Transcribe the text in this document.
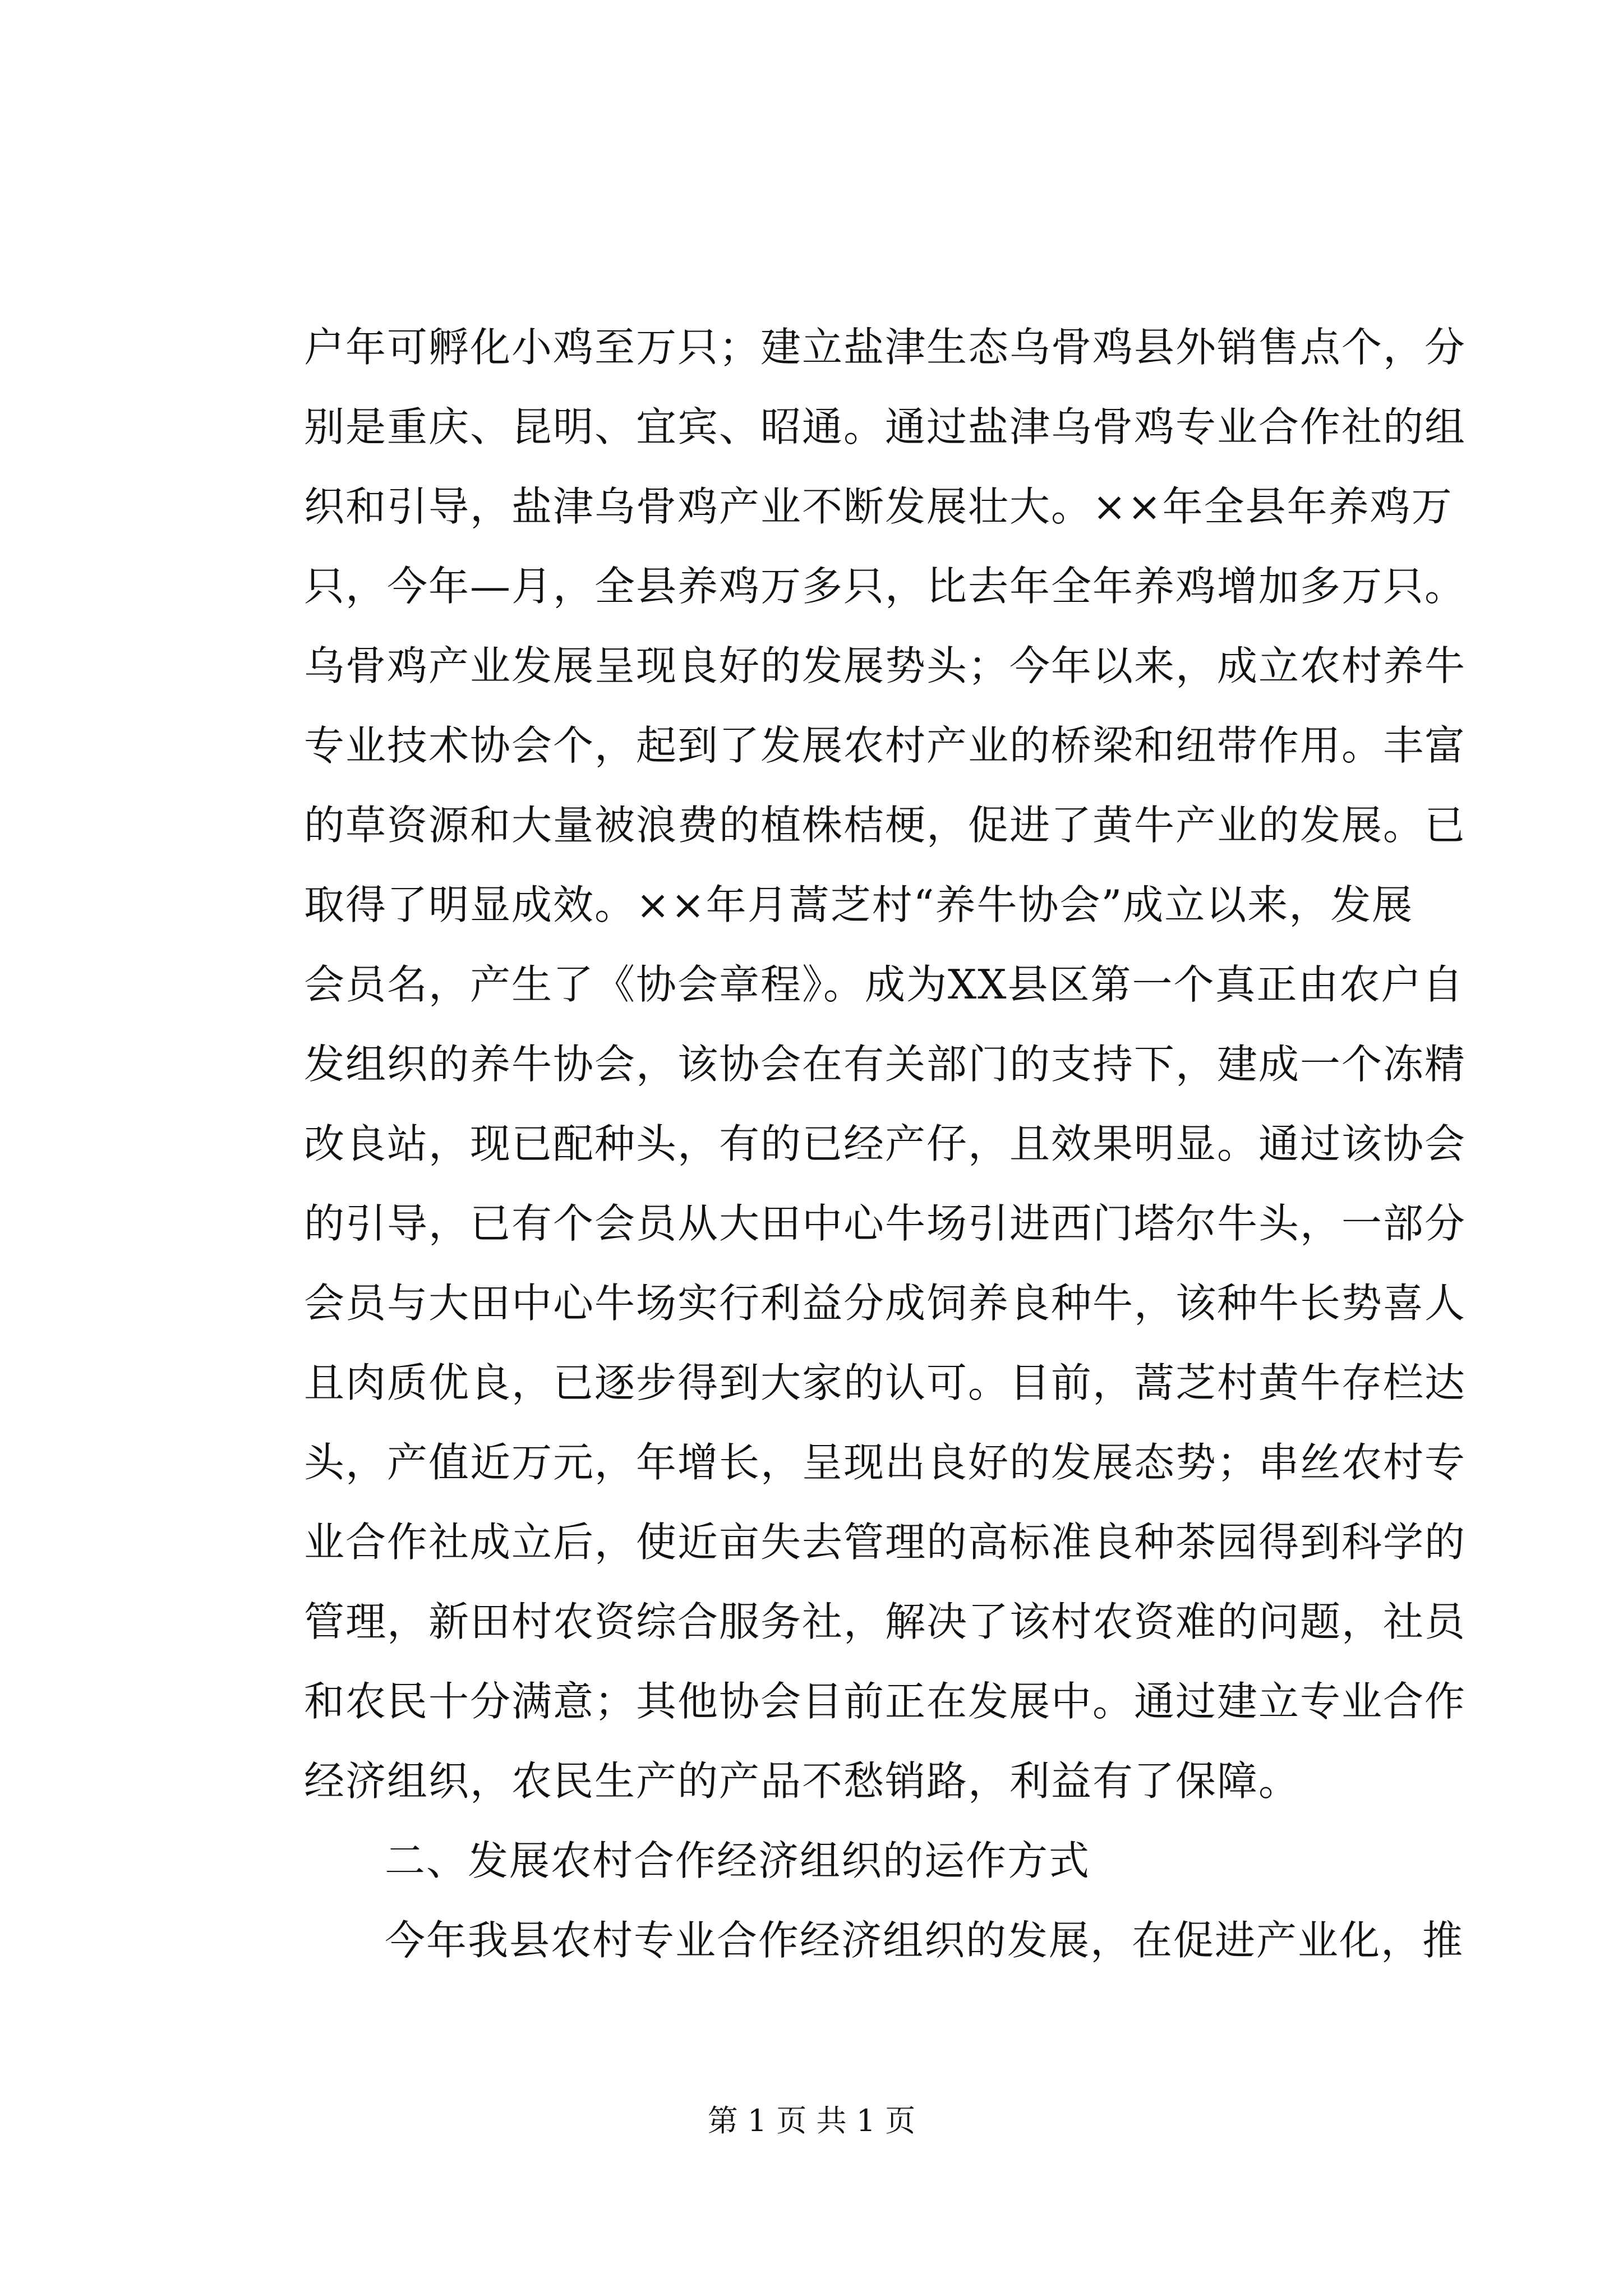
户年可孵化小鸡至万只；建立盐津生态乌骨鸡县外销售点个，分
别是重庆、昆明、宜宾、昭通。通过盐津乌骨鸡专业合作社的组
织和引导，盐津乌骨鸡产业不断发展壮大。××年全县年养鸡万
只，今年—月，全县养鸡万多只，比去年全年养鸡增加多万只。
乌骨鸡产业发展呈现良好的发展势头；今年以来，成立农村养牛
专业技术协会个，起到了发展农村产业的桥梁和纽带作用。丰富
的草资源和大量被浪费的植株桔梗，促进了黄牛产业的发展。已
取得了明显成效。××年月蒿芝村“养牛协会”成立以来，发展
会员名，产生了《协会章程》。成为XX县区第一个真正由农户自
发组织的养牛协会，该协会在有关部门的支持下，建成一个冻精
改良站，现已配种头，有的已经产仔，且效果明显。通过该协会
的引导，已有个会员从大田中心牛场引进西门塔尔牛头，一部分
会员与大田中心牛场实行利益分成饲养良种牛，该种牛长势喜人
且肉质优良，已逐步得到大家的认可。目前，蒿芝村黄牛存栏达
头，产值近万元，年增长，呈现出良好的发展态势；串丝农村专
业合作社成立后，使近亩失去管理的高标准良种茶园得到科学的
管理，新田村农资综合服务社，解决了该村农资难的问题，社员
和农民十分满意；其他协会目前正在发展中。通过建立专业合作
经济组织，农民生产的产品不愁销路，利益有了保障。
二、发展农村合作经济组织的运作方式
今年我县农村专业合作经济组织的发展，在促进产业化，推
第 1 页 共 1 页
